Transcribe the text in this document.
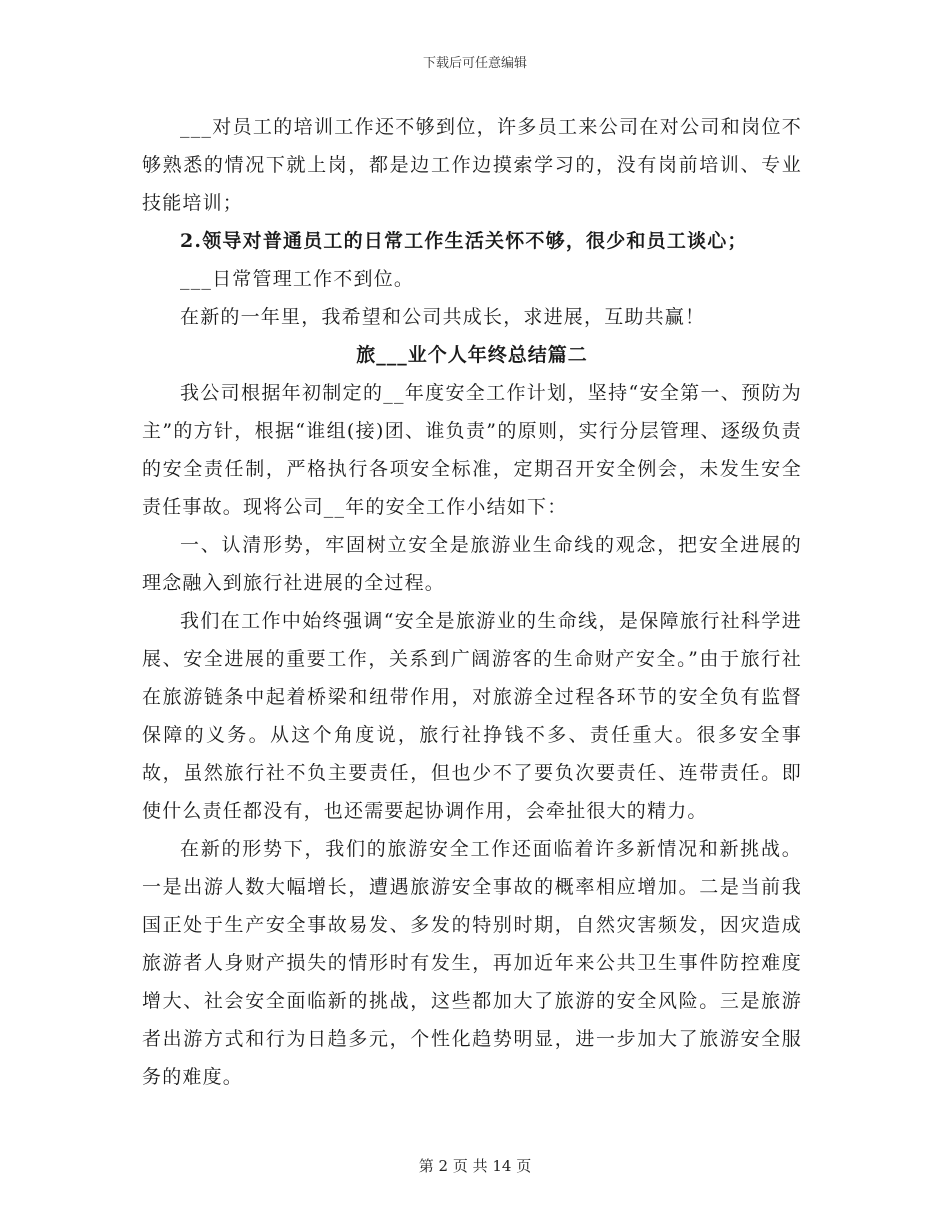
下载后可任意编辑

___对员工的培训工作还不够到位，许多员工来公司在对公司和岗位不够熟悉的情况下就上岗，都是边工作边摸索学习的，没有岗前培训、专业技能培训；

2.领导对普通员工的日常工作生活关怀不够，很少和员工谈心；

___日常管理工作不到位。

在新的一年里，我希望和公司共成长，求进展，互助共赢！

旅___业个人年终总结篇二

我公司根据年初制定的__年度安全工作计划，坚持“安全第一、预防为主”的方针，根据“谁组(接)团、谁负责”的原则，实行分层管理、逐级负责的安全责任制，严格执行各项安全标准，定期召开安全例会，未发生安全责任事故。现将公司__年的安全工作小结如下：

一、认清形势，牢固树立安全是旅游业生命线的观念，把安全进展的理念融入到旅行社进展的全过程。

我们在工作中始终强调“安全是旅游业的生命线，是保障旅行社科学进展、安全进展的重要工作，关系到广阔游客的生命财产安全。”由于旅行社在旅游链条中起着桥梁和纽带作用，对旅游全过程各环节的安全负有监督保障的义务。从这个角度说，旅行社挣钱不多、责任重大。很多安全事故，虽然旅行社不负主要责任，但也少不了要负次要责任、连带责任。即使什么责任都没有，也还需要起协调作用，会牵扯很大的精力。

在新的形势下，我们的旅游安全工作还面临着许多新情况和新挑战。一是出游人数大幅增长，遭遇旅游安全事故的概率相应增加。二是当前我国正处于生产安全事故易发、多发的特别时期，自然灾害频发，因灾造成旅游者人身财产损失的情形时有发生，再加近年来公共卫生事件防控难度增大、社会安全面临新的挑战，这些都加大了旅游的安全风险。三是旅游者出游方式和行为日趋多元，个性化趋势明显，进一步加大了旅游安全服务的难度。

第 2 页 共 14 页
